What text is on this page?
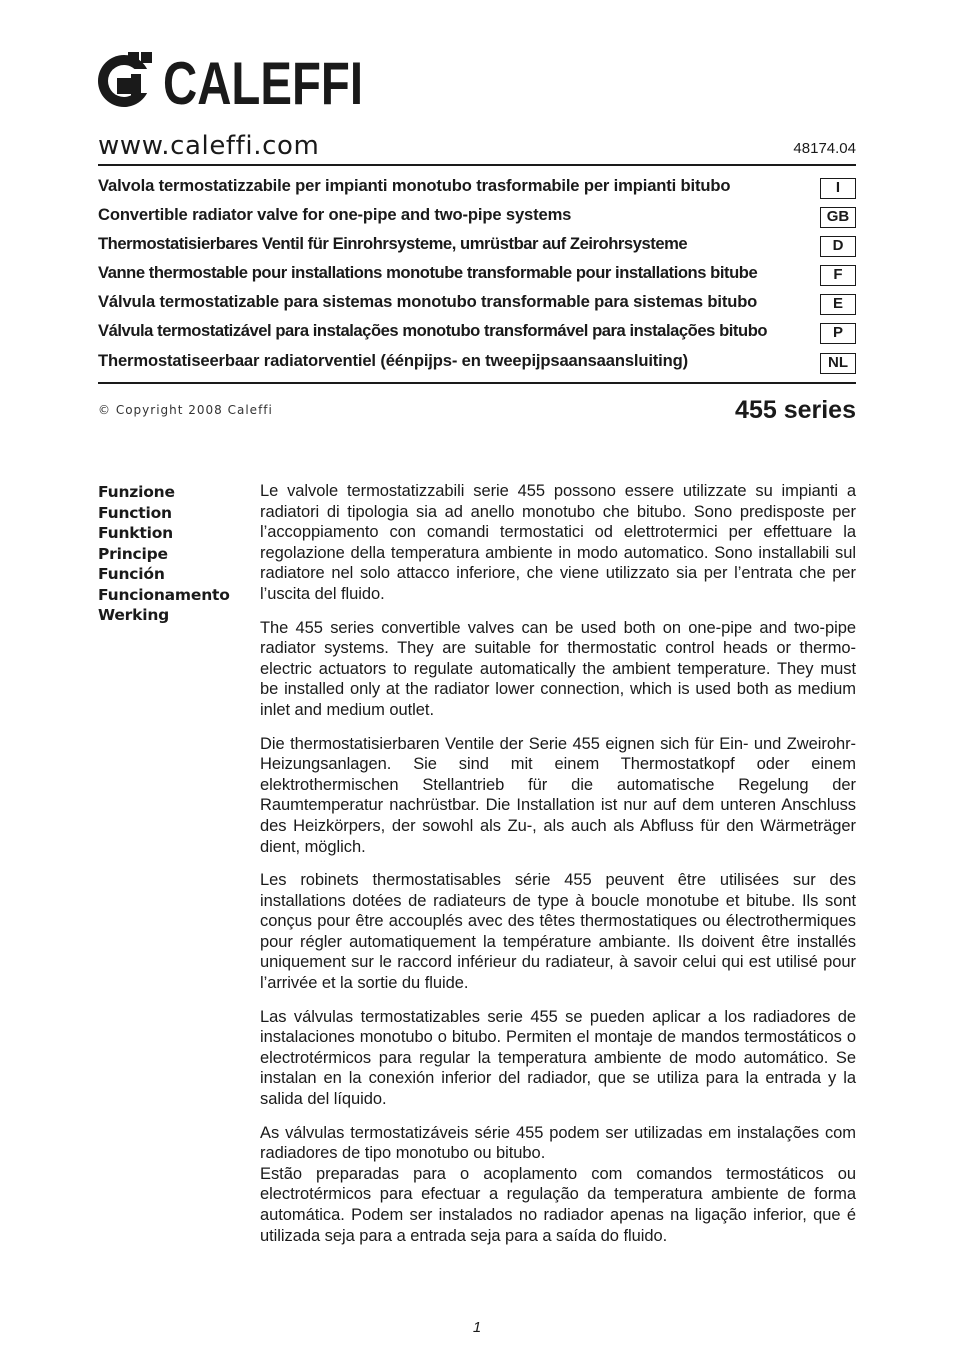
CALEFFI
www.caleffi.com	48174.04
Valvola termostatizzabile per impianti monotubo trasformabile per impianti bitubo	I
Convertible radiator valve for one-pipe and two-pipe systems	GB
Thermostatisierbares Ventil für Einrohrsysteme, umrüstbar auf Zeirohrsysteme	D
Vanne thermostable pour installations monotube transformable pour installations bitube	F
Válvula termostatizable para sistemas monotubo transformable para sistemas bitubo	E
Válvula termostatizável para instalações monotubo transformável para instalações bitubo	P
Thermostatiseerbaar radiatorventiel (éénpijps- en tweepijpsaansaansluiting)	NL
© Copyright 2008 Caleffi	455 series
Funzione
Function
Funktion
Principe
Función
Funcionamento
Werking

Le valvole termostatizzabili serie 455 possono essere utilizzate su impianti a radiatori di tipologia sia ad anello monotubo che bitubo. Sono predisposte per l’accoppiamento con comandi termostatici od elettrotermici per effettuare la regolazione della temperatura ambiente in modo automatico. Sono installabili sul radiatore nel solo attacco inferiore, che viene utilizzato sia per l’entrata che per l’uscita del fluido.

The 455 series convertible valves can be used both on one-pipe and two-pipe radiator systems. They are suitable for thermostatic control heads or thermo-electric actuators to regulate automatically the ambient temperature. They must be installed only at the radiator lower connection, which is used both as medium inlet and medium outlet.

Die thermostatisierbaren Ventile der Serie 455 eignen sich für Ein- und Zweirohr-Heizungsanlagen. Sie sind mit einem Thermostatkopf oder einem elektrothermischen Stellantrieb für die automatische Regelung der Raumtemperatur nachrüstbar. Die Installation ist nur auf dem unteren Anschluss des Heizkörpers, der sowohl als Zu-, als auch als Abfluss für den Wärmeträger dient, möglich.

Les robinets thermostatisables série 455 peuvent être utilisées sur des installations dotées de radiateurs de type à boucle monotube et bitube. Ils sont conçus pour être accouplés avec des têtes thermostatiques ou électrothermiques pour régler automatiquement la température ambiante. Ils doivent être installés uniquement sur le raccord inférieur du radiateur, à savoir celui qui est utilisé pour l’arrivée et la sortie du fluide.

Las válvulas termostatizables serie 455 se pueden aplicar a los radiadores de instalaciones monotubo o bitubo. Permiten el montaje de mandos termostáticos o electrotérmicos para regular la temperatura ambiente de modo automático. Se instalan en la conexión inferior del radiador, que se utiliza para la entrada y la salida del líquido.

As válvulas termostatizáveis série 455 podem ser utilizadas em instalações com radiadores de tipo monotubo ou bitubo.
Estão preparadas para o acoplamento com comandos termostáticos ou electrotérmicos para efectuar a regulação da temperatura ambiente de forma automática. Podem ser instalados no radiador apenas na ligação inferior, que é utilizada seja para a entrada seja para a saída do fluido.

1
